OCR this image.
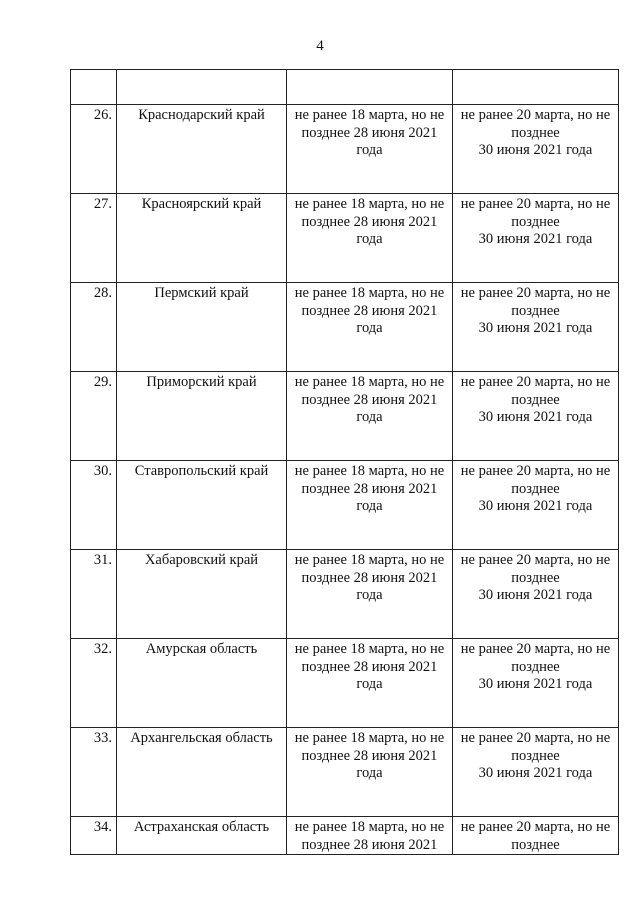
4

26.	Краснодарский край	не ранее 18 марта, но не
позднее 28 июня 2021
года	не ранее 20 марта, но не
позднее
30 июня 2021 года

27.	Красноярский край	не ранее 18 марта, но не
позднее 28 июня 2021
года	не ранее 20 марта, но не
позднее
30 июня 2021 года

28.	Пермский край	не ранее 18 марта, но не
позднее 28 июня 2021
года	не ранее 20 марта, но не
позднее
30 июня 2021 года

29.	Приморский край	не ранее 18 марта, но не
позднее 28 июня 2021
года	не ранее 20 марта, но не
позднее
30 июня 2021 года

30.	Ставропольский край	не ранее 18 марта, но не
позднее 28 июня 2021
года	не ранее 20 марта, но не
позднее
30 июня 2021 года

31.	Хабаровский край	не ранее 18 марта, но не
позднее 28 июня 2021
года	не ранее 20 марта, но не
позднее
30 июня 2021 года

32.	Амурская область	не ранее 18 марта, но не
позднее 28 июня 2021
года	не ранее 20 марта, но не
позднее
30 июня 2021 года

33.	Архангельская область	не ранее 18 марта, но не
позднее 28 июня 2021
года	не ранее 20 марта, но не
позднее
30 июня 2021 года

34.	Астраханская область	не ранее 18 марта, но не
позднее 28 июня 2021	не ранее 20 марта, но не
позднее
